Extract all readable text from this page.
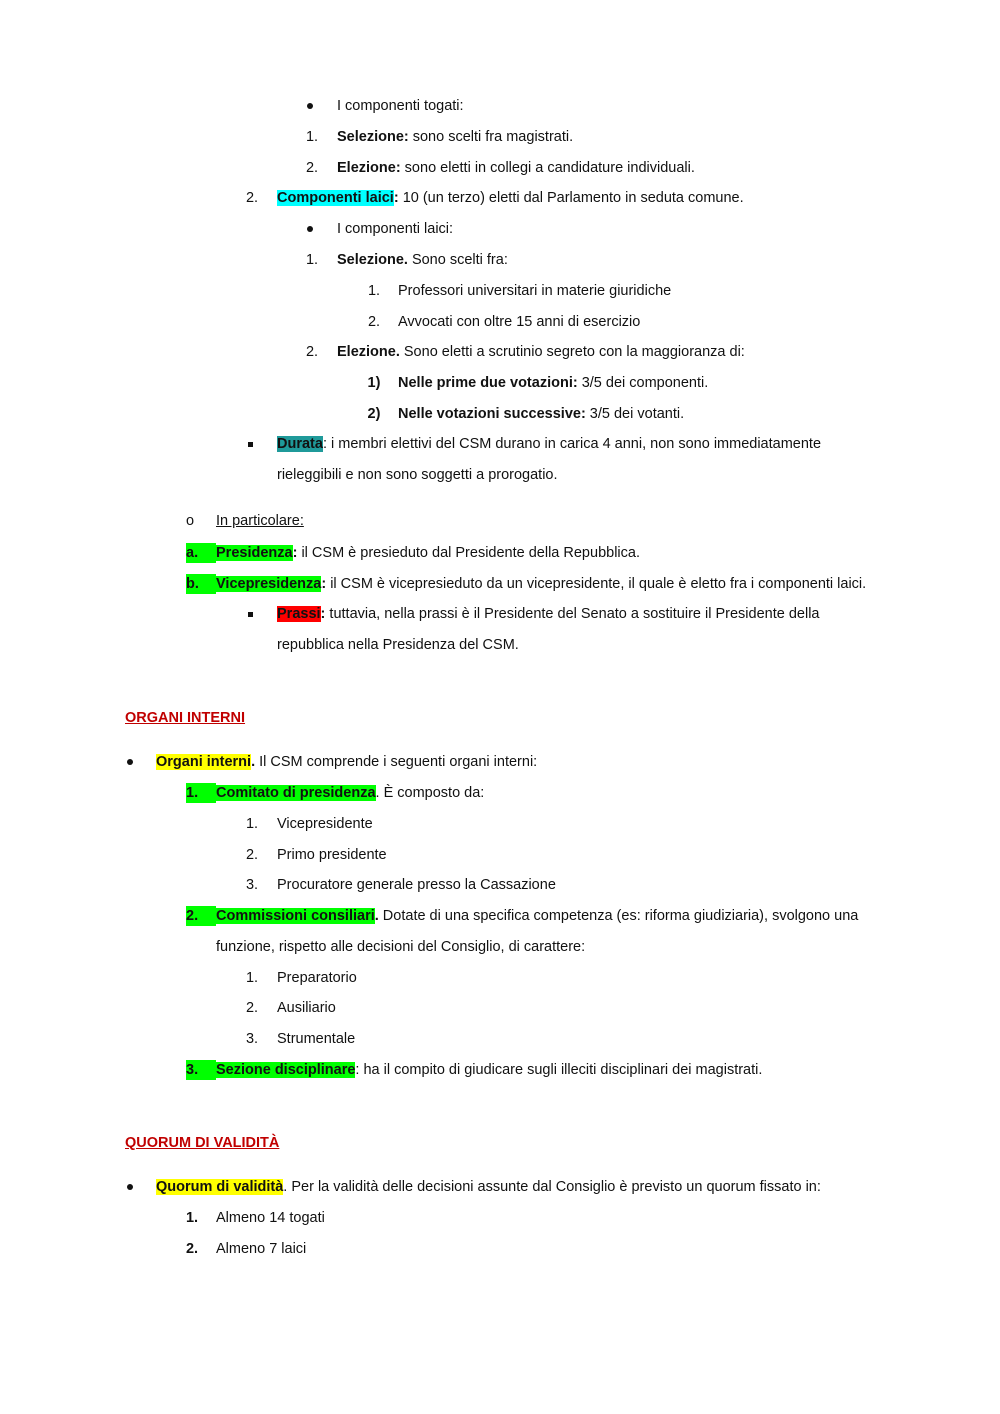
I componenti togati:
1.	Selezione: sono scelti fra magistrati.
2.	Elezione: sono eletti in collegi a candidature individuali.
2.	Componenti laici: 10 (un terzo) eletti dal Parlamento in seduta comune.
I componenti laici:
1.	Selezione. Sono scelti fra:
1.	Professori universitari in materie giuridiche
2.	Avvocati con oltre 15 anni di esercizio
2.	Elezione. Sono eletti a scrutinio segreto con la maggioranza di:
1)	Nelle prime due votazioni: 3/5 dei componenti.
2)	Nelle votazioni successive: 3/5 dei votanti.
Durata: i membri elettivi del CSM durano in carica 4 anni, non sono immediatamente
rieleggibili e non sono soggetti a prorogatio.
o	In particolare:
a.	Presidenza: il CSM è presieduto dal Presidente della Repubblica.
b.	Vicepresidenza: il CSM è vicepresieduto da un vicepresidente, il quale è eletto fra i componenti laici.
Prassi: tuttavia, nella prassi è il Presidente del Senato a sostituire il Presidente della
repubblica nella Presidenza del CSM.
ORGANI INTERNI
Organi interni. Il CSM comprende i seguenti organi interni:
1.	Comitato di presidenza. È composto da:
1.	Vicepresidente
2.	Primo presidente
3.	Procuratore generale presso la Cassazione
2.	Commissioni consiliari. Dotate di una specifica competenza (es: riforma giudiziaria), svolgono una
funzione, rispetto alle decisioni del Consiglio, di carattere:
1.	Preparatorio
2.	Ausiliario
3.	Strumentale
3.	Sezione disciplinare: ha il compito di giudicare sugli illeciti disciplinari dei magistrati.
QUORUM DI VALIDITÀ
Quorum di validità. Per la validità delle decisioni assunte dal Consiglio è previsto un quorum fissato in:
1.	Almeno 14 togati
2.	Almeno 7 laici
